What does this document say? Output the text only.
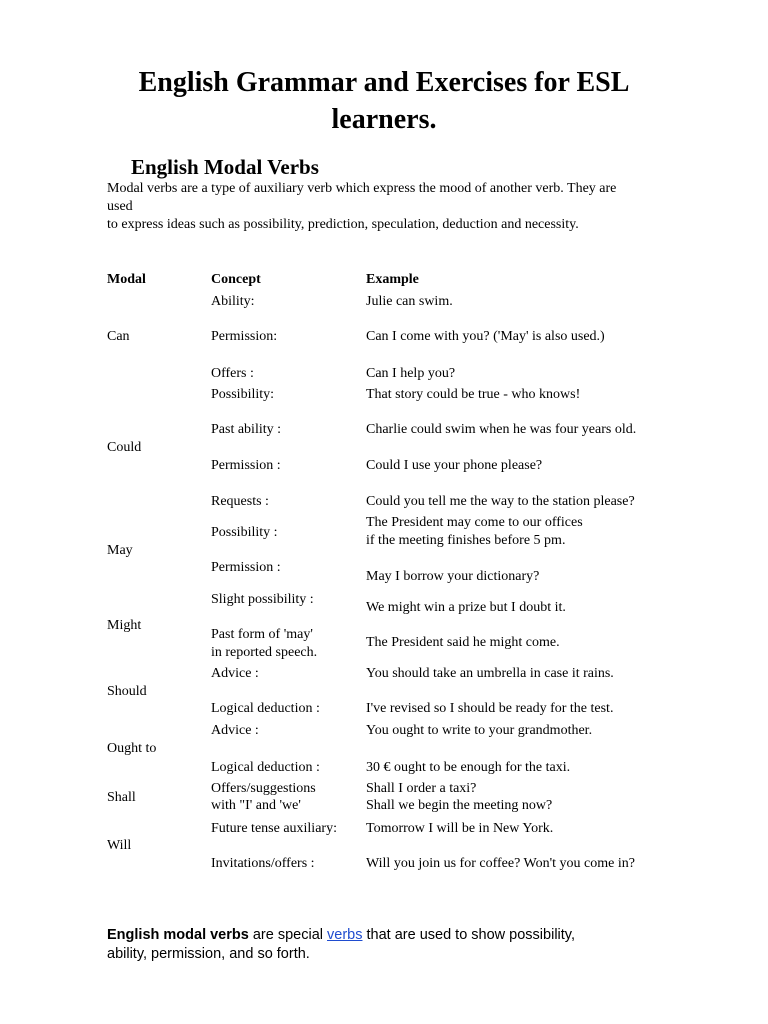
English Grammar and Exercises for ESL
learners.
English Modal Verbs
Modal verbs are a type of auxiliary verb which express the mood of another verb. They are
used
to express ideas such as possibility, prediction, speculation, deduction and necessity.
Modal	Concept	Example
Can
Could
May
Might
Should
Ought to
Shall
Will
Ability:
Permission:
Offers :
Possibility:
Past ability :
Permission :
Requests :
Possibility :
Permission :
Slight possibility :
Past form of 'may'
in reported speech.
Advice :
Logical deduction :
Advice :
Logical deduction :
Offers/suggestions
with "I' and 'we'
Future tense auxiliary:
Invitations/offers :
Julie can swim.
Can I come with you? ('May' is also used.)
Can I help you?
That story could be true - who knows!
Charlie could swim when he was four years old.
Could I use your phone please?
Could you tell me the way to the station please?
The President may come to our offices
if the meeting finishes before 5 pm.
May I borrow your dictionary?
We might win a prize but I doubt it.
The President said he might come.
You should take an umbrella in case it rains.
I've revised so I should be ready for the test.
You ought to write to your grandmother.
30 € ought to be enough for the taxi.
Shall I order a taxi?
Shall we begin the meeting now?
Tomorrow I will be in New York.
Will you join us for coffee? Won't you come in?
English modal verbs are special verbs that are used to show possibility,
ability, permission, and so forth.
